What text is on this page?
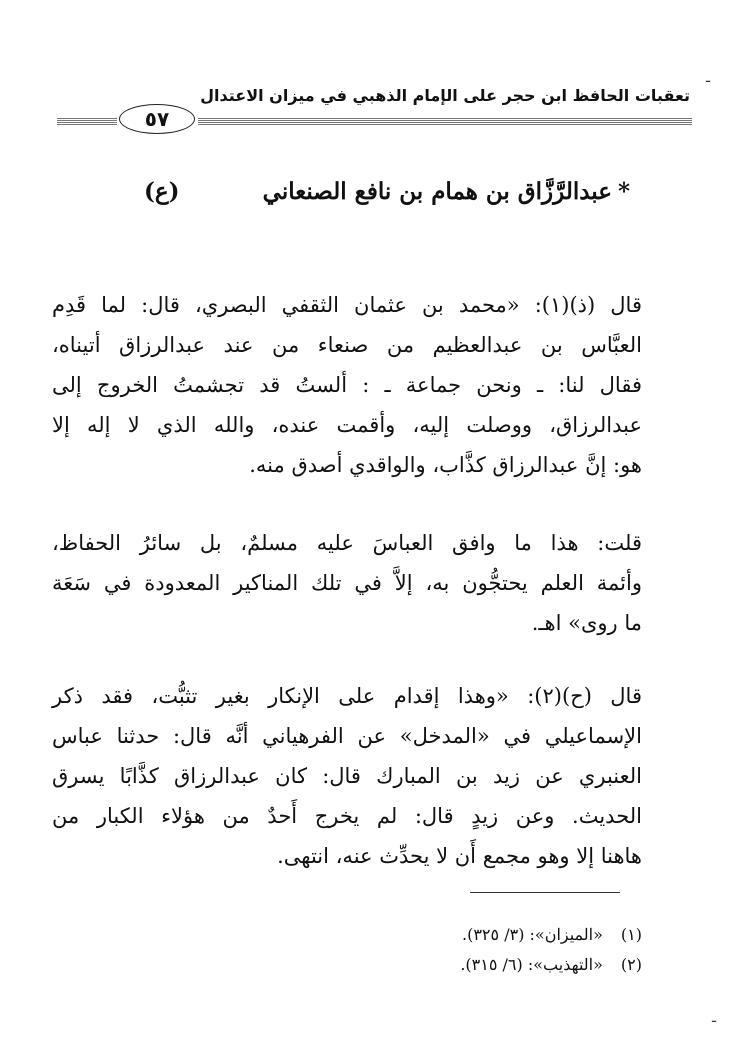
ـ
تعقبات الحافظ ابن حجر على الإمام الذهبي في ميزان الاعتدال
٥٧
*عبدالرَّزَّاق بن همام بن نافع الصنعاني
(ع)
قال (ذ)(١): «محمد بن عثمان الثقفي البصري، قال: لما قَدِم
العبَّاس بن عبدالعظيم من صنعاء من عند عبدالرزاق أتيناه،
فقال لنا: ـ ونحن جماعة ـ : ألستُ قد تجشمتُ الخروج إلى
عبدالرزاق، ووصلت إليه، وأقمت عنده، والله الذي لا إله إلا
هو: إنَّ عبدالرزاق كذَّاب، والواقدي أصدق منه.
قلت: هذا ما وافق العباسَ عليه مسلمٌ، بل سائرُ الحفاظ،
وأئمة العلم يحتجُّون به، إلاَّ في تلك المناكير المعدودة في سَعَة
ما روى» اهـ.
قال (ح)(٢): «وهذا إقدام على الإنكار بغير تثبُّت، فقد ذكر
الإسماعيلي في «المدخل» عن الفرهياني أنَّه قال: حدثنا عباس
العنبري عن زيد بن المبارك قال: كان عبدالرزاق كذَّابًا يسرق
الحديث. وعن زيدٍ قال: لم يخرج أَحدٌ من هؤلاء الكبار من
هاهنا إلا وهو مجمع أَن لا يحدِّث عنه، انتهى.
(١) «الميزان»: (٣/ ٣٢٥).
(٢) «التهذيب»: (٦/ ٣١٥).
ـ
